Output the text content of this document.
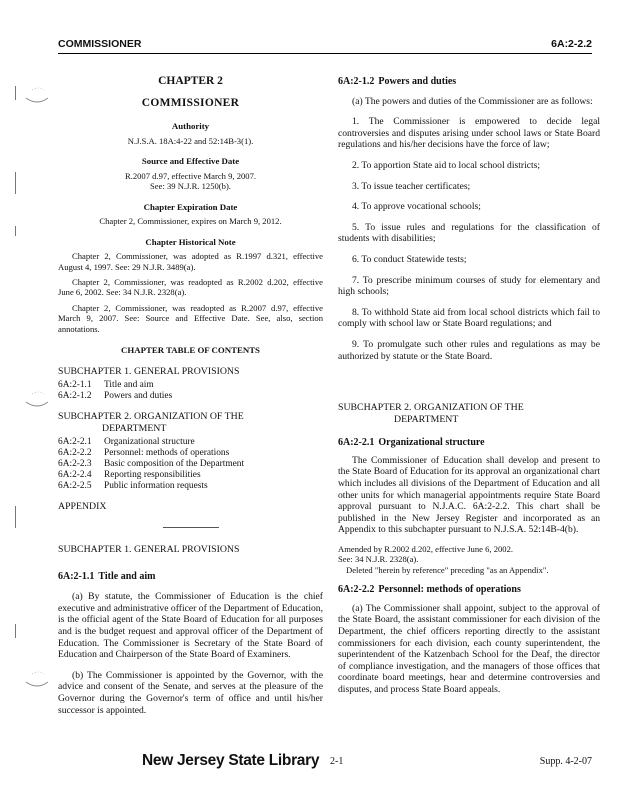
COMMISSIONER	6A:2-2.2

CHAPTER 2

COMMISSIONER

Authority

N.J.S.A. 18A:4-22 and 52:14B-3(1).

Source and Effective Date

R.2007 d.97, effective March 9, 2007.

See: 39 N.J.R. 1250(b).

Chapter Expiration Date

Chapter 2, Commissioner, expires on March 9, 2012.

Chapter Historical Note

Chapter 2, Commissioner, was adopted as R.1997 d.321, effective August 4, 1997. See: 29 N.J.R. 3489(a).

Chapter 2, Commissioner, was readopted as R.2002 d.202, effective June 6, 2002. See: 34 N.J.R. 2328(a).

Chapter 2, Commissioner, was readopted as R.2007 d.97, effective March 9, 2007. See: Source and Effective Date. See, also, section annotations.

CHAPTER TABLE OF CONTENTS

SUBCHAPTER 1. GENERAL PROVISIONS

6A:2-1.1	Title and aim
6A:2-1.2	Powers and duties

SUBCHAPTER 2. ORGANIZATION OF THE

DEPARTMENT

6A:2-2.1	Organizational structure
6A:2-2.2	Personnel: methods of operations
6A:2-2.3	Basic composition of the Department
6A:2-2.4	Reporting responsibilities
6A:2-2.5	Public information requests

APPENDIX

SUBCHAPTER 1. GENERAL PROVISIONS

6A:2-1.1 Title and aim

(a) By statute, the Commissioner of Education is the chief executive and administrative officer of the Department of Education, is the official agent of the State Board of Education for all purposes and is the budget request and approval officer of the Department of Education. The Commissioner is Secretary of the State Board of Education and Chairperson of the State Board of Examiners.

(b) The Commissioner is appointed by the Governor, with the advice and consent of the Senate, and serves at the pleasure of the Governor during the Governor's term of office and until his/her successor is appointed.

6A:2-1.2 Powers and duties

(a) The powers and duties of the Commissioner are as follows:

1. The Commissioner is empowered to decide legal controversies and disputes arising under school laws or State Board regulations and his/her decisions have the force of law;

2. To apportion State aid to local school districts;

3. To issue teacher certificates;

4. To approve vocational schools;

5. To issue rules and regulations for the classification of students with disabilities;

6. To conduct Statewide tests;

7. To prescribe minimum courses of study for elementary and high schools;

8. To withhold State aid from local school districts which fail to comply with school law or State Board regulations; and

9. To promulgate such other rules and regulations as may be authorized by statute or the State Board.

SUBCHAPTER 2. ORGANIZATION OF THE

DEPARTMENT

6A:2-2.1 Organizational structure

The Commissioner of Education shall develop and present to the State Board of Education for its approval an organizational chart which includes all divisions of the Department of Education and all other units for which managerial appointments require State Board approval pursuant to N.J.A.C. 6A:2-2.2. This chart shall be published in the New Jersey Register and incorporated as an Appendix to this subchapter pursuant to N.J.S.A. 52:14B-4(b).

Amended by R.2002 d.202, effective June 6, 2002.

See: 34 N.J.R. 2328(a).

Deleted "herein by reference" preceding "as an Appendix".

6A:2-2.2 Personnel: methods of operations

(a) The Commissioner shall appoint, subject to the approval of the State Board, the assistant commissioner for each division of the Department, the chief officers reporting directly to the assistant commissioners for each division, each county superintendent, the superintendent of the Katzenbach School for the Deaf, the director of compliance investigation, and the managers of those offices that coordinate board meetings, hear and determine controversies and disputes, and process State Board appeals.

New Jersey State Library 2-1	Supp. 4-2-07
